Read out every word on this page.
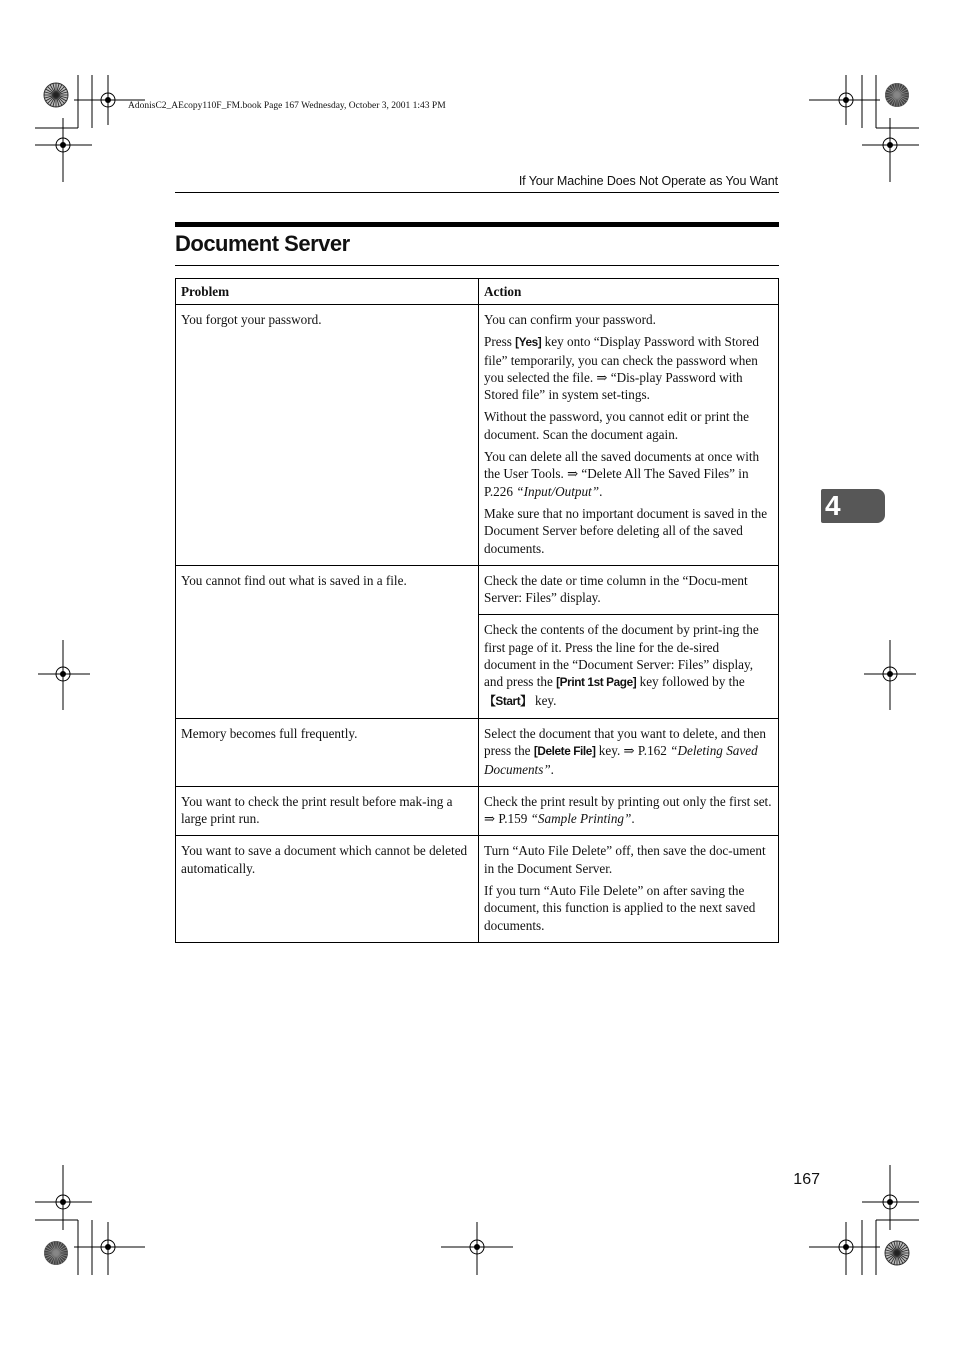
AdonisC2_AEcopy110F_FM.book Page 167 Wednesday, October 3, 2001 1:43 PM
If Your Machine Does Not Operate as You Want
Document Server
4
Problem	Action
You forgot your password.	You can confirm your password.

Press [Yes] key onto “Display Password with Stored file” temporarily, you can check the password when you selected the file. ⇒ “Dis-play Password with Stored file” in system set-tings.

Without the password, you cannot edit or print the document. Scan the document again.

You can delete all the saved documents at once with the User Tools. ⇒ “Delete All The Saved Files” in P.226 “Input/Output”.

Make sure that no important document is saved in the Document Server before deleting all of the saved documents.

You cannot find out what is saved in a file.	Check the date or time column in the “Docu-ment Server: Files” display.

	Check the contents of the document by print-ing the first page of it. Press the line for the de-sired document in the “Document Server: Files” display, and press the [Print 1st Page] key followed by the 【Start】 key.

Memory becomes full frequently.	Select the document that you want to delete, and then press the [Delete File] key. ⇒ P.162 “Deleting Saved Documents”.

You want to check the print result before mak-ing a large print run.	Check the print result by printing out only the first set. ⇒ P.159 “Sample Printing”.

You want to save a document which cannot be deleted automatically.	Turn “Auto File Delete” off, then save the doc-ument in the Document Server.

If you turn “Auto File Delete” on after saving the document, this function is applied to the next saved documents.

167
